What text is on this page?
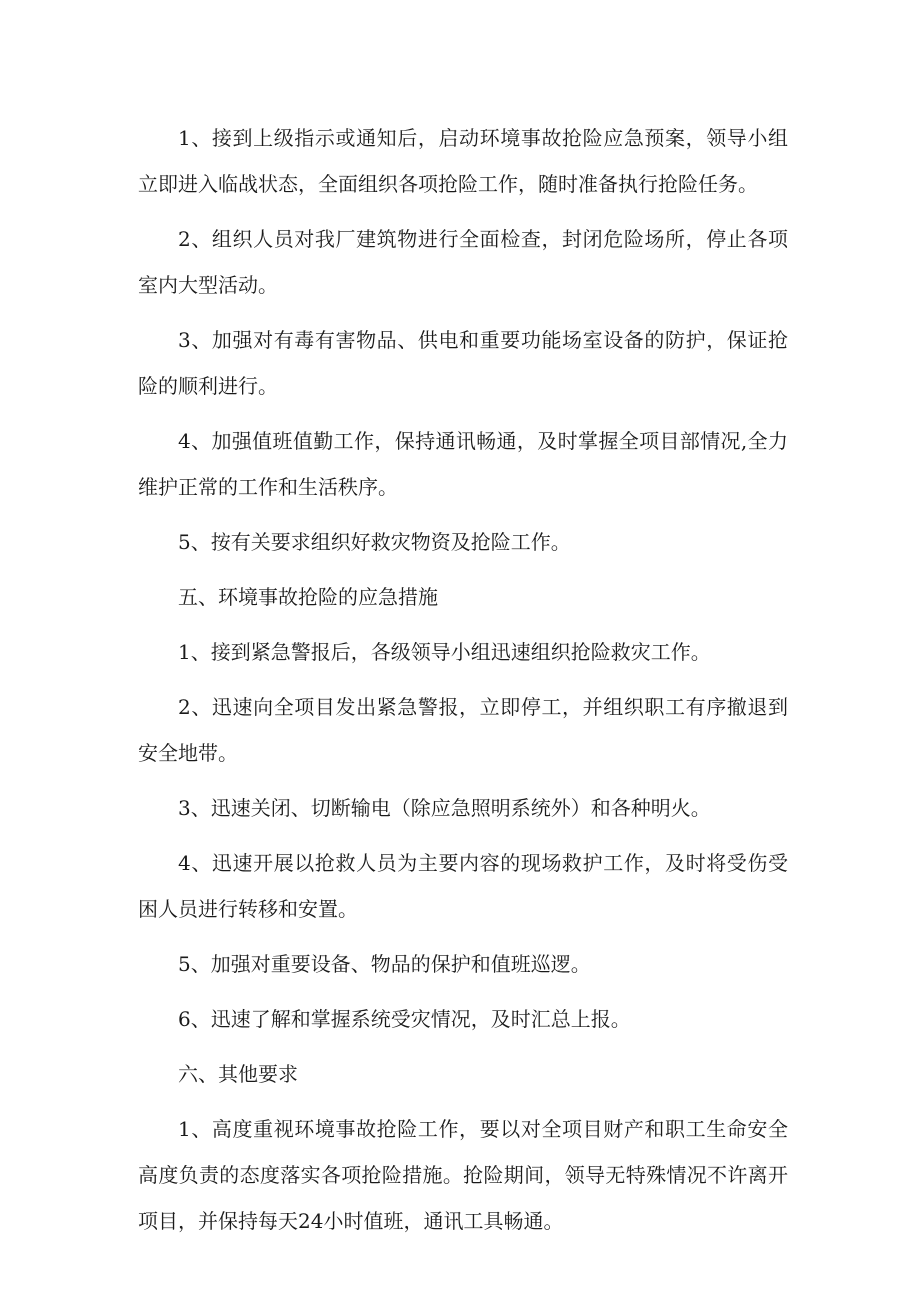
1、接到上级指示或通知后，启动环境事故抢险应急预案，领导小组立即进入临战状态，全面组织各项抢险工作，随时准备执行抢险任务。

2、组织人员对我厂建筑物进行全面检查，封闭危险场所，停止各项室内大型活动。

3、加强对有毒有害物品、供电和重要功能场室设备的防护，保证抢险的顺利进行。

4、加强值班值勤工作，保持通讯畅通，及时掌握全项目部情况,全力维护正常的工作和生活秩序。

5、按有关要求组织好救灾物资及抢险工作。

五、环境事故抢险的应急措施

1、接到紧急警报后，各级领导小组迅速组织抢险救灾工作。

2、迅速向全项目发出紧急警报，立即停工，并组织职工有序撤退到安全地带。

3、迅速关闭、切断输电（除应急照明系统外）和各种明火。

4、迅速开展以抢救人员为主要内容的现场救护工作，及时将受伤受困人员进行转移和安置。

5、加强对重要设备、物品的保护和值班巡逻。

6、迅速了解和掌握系统受灾情况，及时汇总上报。

六、其他要求

1、高度重视环境事故抢险工作，要以对全项目财产和职工生命安全高度负责的态度落实各项抢险措施。抢险期间，领导无特殊情况不许离开项目，并保持每天24小时值班，通讯工具畅通。
